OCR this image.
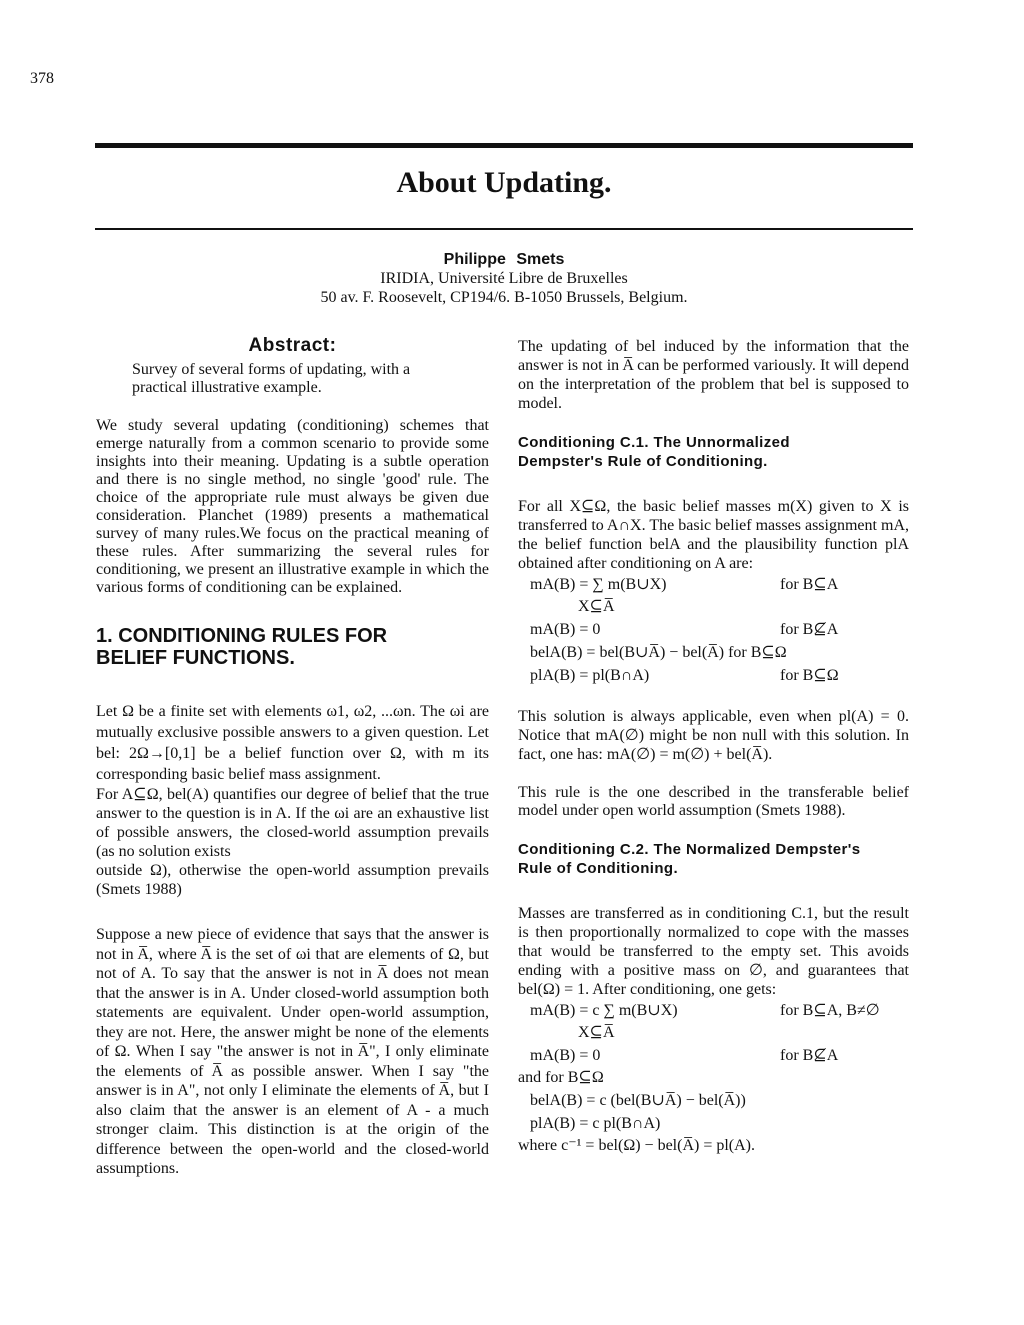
378
About Updating.
Philippe Smets
IRIDIA, Université Libre de Bruxelles
50 av. F. Roosevelt, CP194/6. B-1050 Brussels, Belgium.
Abstract:

Survey of several forms of updating, with a practical illustrative example.

We study several updating (conditioning) schemes that emerge naturally from a common scenario to provide some insights into their meaning. Updating is a subtle operation and there is no single method, no single 'good' rule. The choice of the appropriate rule must always be given due consideration. Planchet (1989) presents a mathematical survey of many rules.We focus on the practical meaning of these rules. After summarizing the several rules for conditioning, we present an illustrative example in which the various forms of conditioning can be explained.

1. CONDITIONING RULES FOR
BELIEF FUNCTIONS.

Let Ω be a finite set with elements ω1, ω2, ...ωn. The ωi are mutually exclusive possible answers to a given question. Let bel: 2Ω→[0,1] be a belief function over Ω, with m its corresponding basic belief mass assignment.

For A⊆Ω, bel(A) quantifies our degree of belief that the true answer to the question is in A. If the ωi are an exhaustive list of possible answers, the closed-world assumption prevails (as no solution exists

outside Ω), otherwise the open-world assumption prevails (Smets 1988)

Suppose a new piece of evidence that says that the answer is not in A̅, where A̅ is the set of ωi that are elements of Ω, but not of A. To say that the answer is not in A̅ does not mean that the answer is in A. Under closed-world assumption both statements are equivalent. Under open-world assumption, they are not. Here, the answer might be none of the elements of Ω. When I say "the answer is not in A̅", I only eliminate the elements of A̅ as possible answer. When I say "the answer is in A", not only I eliminate the elements of A̅, but I also claim that the answer is an element of A - a much stronger claim. This distinction is at the origin of the difference between the open-world and the closed-world assumptions.

The updating of bel induced by the information that the answer is not in A̅ can be performed variously. It will depend on the interpretation of the problem that bel is supposed to model.

Conditioning C.1. The Unnormalized
Dempster's Rule of Conditioning.

For all X⊆Ω, the basic belief masses m(X) given to X is transferred to A∩X. The basic belief masses assignment mA, the belief function belA and the plausibility function plA obtained after conditioning on A are:

mA(B) = ∑ m(B∪X)	for B⊆A
X⊆A̅
mA(B) = 0	for B⊈A
belA(B) = bel(B∪A̅) − bel(A̅) for B⊆Ω
plA(B) = pl(B∩A)	for B⊆Ω

This solution is always applicable, even when pl(A) = 0. Notice that mA(∅) might be non null with this solution. In fact, one has: mA(∅) = m(∅) + bel(A̅).

This rule is the one described in the transferable belief model under open world assumption (Smets 1988).

Conditioning C.2. The Normalized Dempster's
Rule of Conditioning.

Masses are transferred as in conditioning C.1, but the result is then proportionally normalized to cope with the masses that would be transferred to the empty set. This avoids ending with a positive mass on ∅, and guarantees that bel(Ω) = 1. After conditioning, one gets:

mA(B) = c ∑ m(B∪X)	for B⊆A, B≠∅
X⊆A̅
mA(B) = 0	for B⊈A
and for B⊆Ω
belA(B) = c (bel(B∪A̅) − bel(A̅))
plA(B) = c pl(B∩A)
where c⁻¹ = bel(Ω) − bel(A̅) = pl(A).
